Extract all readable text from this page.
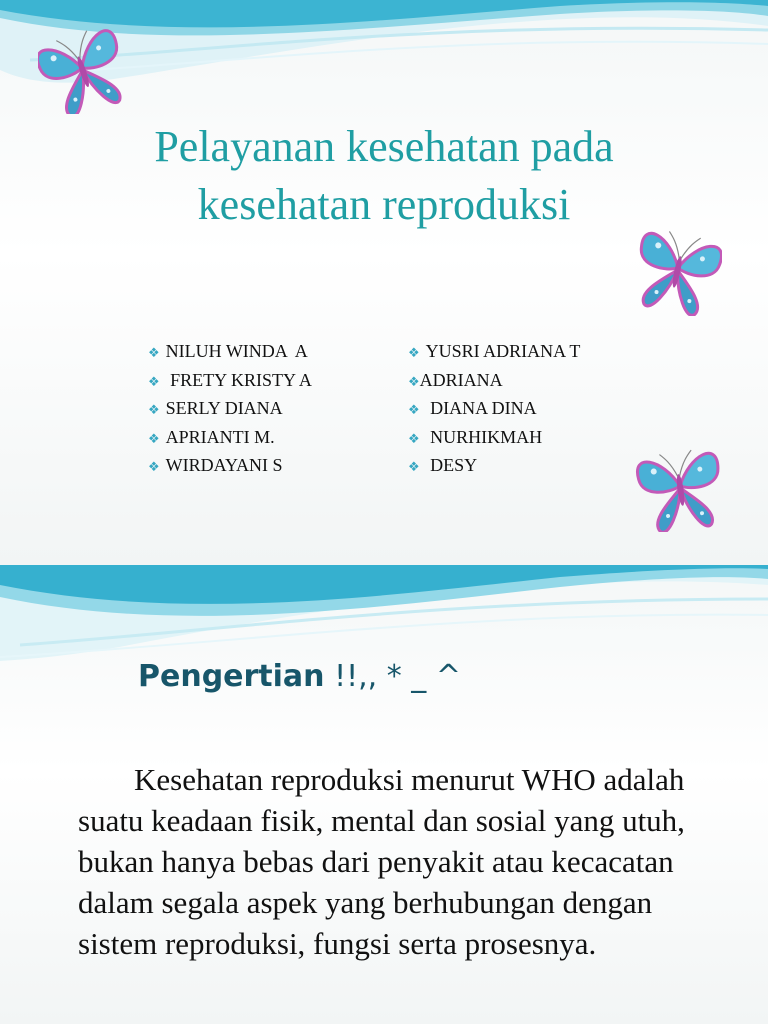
Pelayanan kesehatan pada
kesehatan reproduksi
❖ NILUH WINDA  A
❖ FRETY KRISTY A
❖ SERLY DIANA
❖ APRIANTI M.
❖ WIRDAYANI S
❖ YUSRI ADRIANA T
❖ADRIANA
❖ DIANA DINA
❖ NURHIKMAH
❖ DESY
Pengertian !!,, * _ ^

Kesehatan reproduksi menurut WHO adalah suatu keadaan fisik, mental dan sosial yang utuh, bukan hanya bebas dari penyakit atau kecacatan dalam segala aspek yang berhubungan dengan sistem reproduksi, fungsi serta prosesnya.
